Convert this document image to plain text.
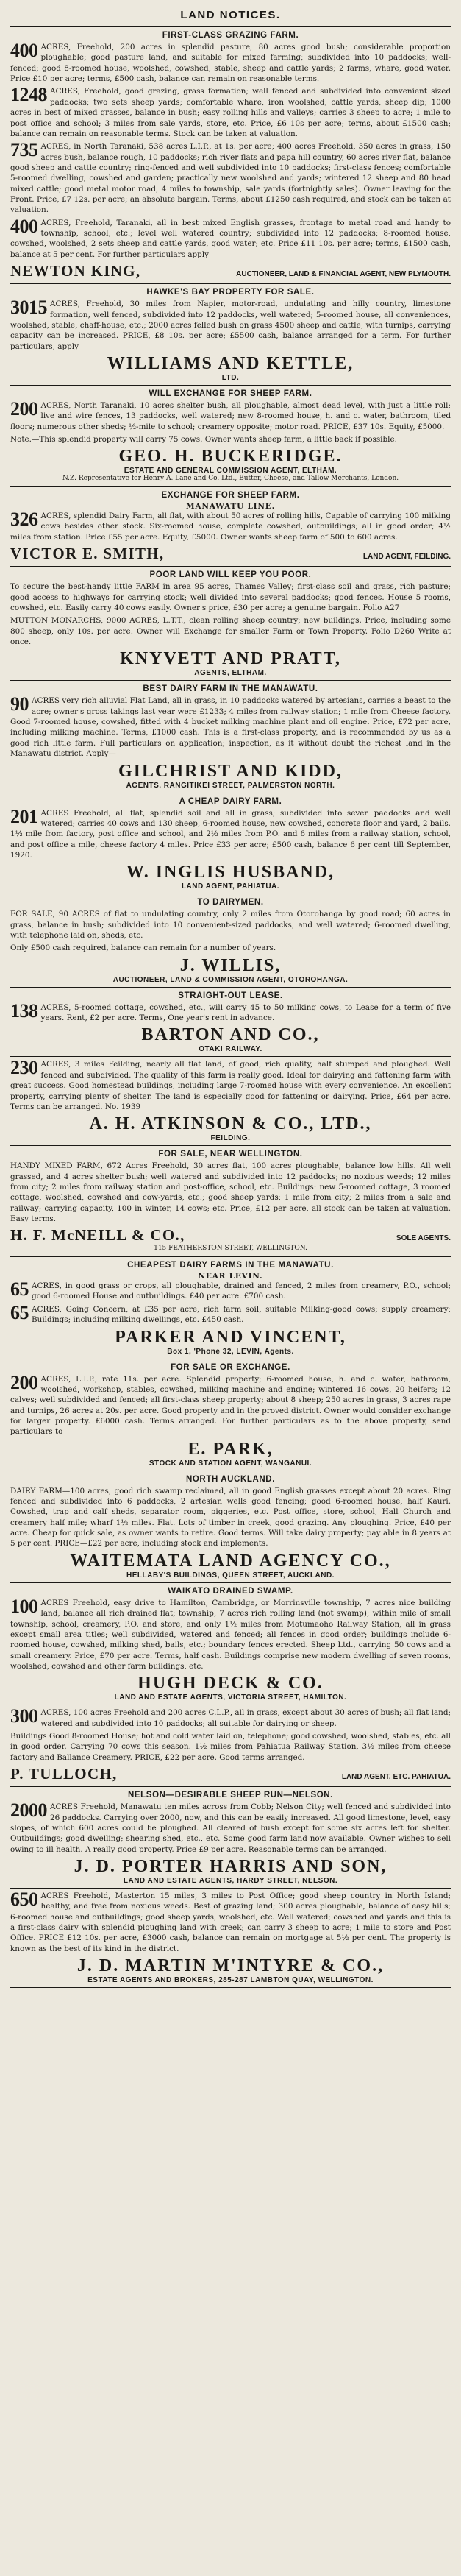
LAND NOTICES.
FIRST-CLASS GRAZING FARM.

400 ACRES, Freehold, 200 acres in splendid pasture, 80 acres good bush; considerable proportion ploughable; good pasture land, and suitable for mixed farming; subdivided into 10 paddocks; well-fenced; good 8-roomed house, woolshed, cowshed, stable, sheep and cattle yards; 2 farms, whare, good water. Price £10 per acre; terms, £500 cash, balance can remain on reasonable terms.

1248 ACRES, Freehold, good grazing, grass formation; well fenced and subdivided into convenient sized paddocks; two sets sheep yards; comfortable whare, iron woolshed, cattle yards, sheep dip; 1000 acres in best of mixed grasses, balance in bush; easy rolling hills and valleys; carries 3 sheep to acre; 1 mile to post office and school; 3 miles from sale yards, store, etc. Price, £6 10s per acre; terms, about £1500 cash; balance can remain on reasonable terms. Stock can be taken at valuation.

735 ACRES, in North Taranaki, 538 acres L.I.P., at 1s. per acre; 400 acres Freehold, 350 acres in grass, 150 acres bush, balance rough, 10 paddocks; rich river flats and papa hill country, 60 acres river flat, balance good sheep and cattle country; ring-fenced and well subdivided into 10 paddocks; first-class fences; comfortable 5-roomed dwelling, cowshed and garden; practically new woolshed and yards; wintered 12 sheep and 80 head mixed cattle; good metal motor road, 4 miles to township, sale yards (fortnightly sales). Owner leaving for the Front. Price, £7 12s. per acre; an absolute bargain. Terms, about £1250 cash required, and stock can be taken at valuation.

400 ACRES, Freehold, Taranaki, all in best mixed English grasses, frontage to metal road and handy to township, school, etc.; level well watered country; subdivided into 12 paddocks; 8-roomed house, cowshed, woolshed, 2 sets sheep and cattle yards, good water; etc. Price £11 10s. per acre; terms, £1500 cash, balance at 5 per cent. For further particulars apply

NEWTON KING,	AUCTIONEER, LAND & FINANCIAL AGENT, NEW PLYMOUTH.
HAWKE'S BAY PROPERTY FOR SALE.

3015 ACRES, Freehold, 30 miles from Napier, motor-road, undulating and hilly country, limestone formation, well fenced, subdivided into 12 paddocks, well watered; 5-roomed house, all conveniences, woolshed, stable, chaff-house, etc.; 2000 acres felled bush on grass 4500 sheep and cattle, with turnips, carrying capacity can be increased. PRICE, £8 10s. per acre; £5500 cash, balance arranged for a term. For further particulars, apply

WILLIAMS AND KETTLE,
LTD.
WILL EXCHANGE FOR SHEEP FARM.

200 ACRES, North Taranaki, 10 acres shelter bush, all ploughable, almost dead level, with just a little roll; live and wire fences, 13 paddocks, well watered; new 8-roomed house, h. and c. water, bathroom, tiled floors; numerous other sheds; ½-mile to school; creamery opposite; motor road. PRICE, £37 10s. Equity, £5000.

Note.—This splendid property will carry 75 cows. Owner wants sheep farm, a little back if possible.

GEO. H. BUCKERIDGE.
ESTATE AND GENERAL COMMISSION AGENT, ELTHAM.
N.Z. Representative for Henry A. Lane and Co. Ltd., Butter, Cheese, and Tallow Merchants, London.
EXCHANGE FOR SHEEP FARM.
MANAWATU LINE.

326 ACRES, splendid Dairy Farm, all flat, with about 50 acres of rolling hills, Capable of carrying 100 milking cows besides other stock. Six-roomed house, complete cowshed, outbuildings; all in good order; 4½ miles from station. Price £55 per acre. Equity, £5000. Owner wants sheep farm of 500 to 600 acres.

VICTOR E. SMITH,	LAND AGENT, FEILDING.
POOR LAND WILL KEEP YOU POOR.

To secure the best-handy little FARM in area 95 acres, Thames Valley; first-class soil and grass, rich pasture; good access to highways for carrying stock; well divided into several paddocks; good fences. House 5 rooms, cowshed, etc. Easily carry 40 cows easily. Owner's price, £30 per acre; a genuine bargain. Folio A27

MUTTON MONARCHS, 9000 ACRES, L.T.T., clean rolling sheep country; new buildings. Price, including some 800 sheep, only 10s. per acre. Owner will Exchange for smaller Farm or Town Property. Folio D260 Write at once.

KNYVETT AND PRATT,
AGENTS, ELTHAM.
BEST DAIRY FARM IN THE MANAWATU.

90 ACRES very rich alluvial Flat Land, all in grass, in 10 paddocks watered by artesians, carries a beast to the acre; owner's gross takings last year were £1233; 4 miles from railway station; 1 mile from Cheese factory. Good 7-roomed house, cowshed, fitted with 4 bucket milking machine plant and oil engine. Price, £72 per acre, including milking machine. Terms, £1000 cash. This is a first-class property, and is recommended by us as a good rich little farm. Full particulars on application; inspection, as it without doubt the richest land in the Manawatu district. Apply—

GILCHRIST AND KIDD,
AGENTS, RANGITIKEI STREET, PALMERSTON NORTH.
A CHEAP DAIRY FARM.

201 ACRES Freehold, all flat, splendid soil and all in grass; subdivided into seven paddocks and well watered; carries 40 cows and 130 sheep, 6-roomed house, new cowshed, concrete floor and yard, 2 bails. 1½ mile from factory, post office and school, and 2½ miles from P.O. and 6 miles from a railway station, school, and post office a mile, cheese factory 4 miles. Price £33 per acre; £500 cash, balance 6 per cent till September, 1920.

W. INGLIS HUSBAND,
LAND AGENT, PAHIATUA.
TO DAIRYMEN.

FOR SALE, 90 ACRES of flat to undulating country, only 2 miles from Otorohanga by good road; 60 acres in grass, balance in bush; subdivided into 10 convenient-sized paddocks, and well watered; 6-roomed dwelling, with telephone laid on, sheds, etc.

Only £500 cash required, balance can remain for a number of years.

J. WILLIS,
AUCTIONEER, LAND & COMMISSION AGENT, OTOROHANGA.
STRAIGHT-OUT LEASE.

138 ACRES, 5-roomed cottage, cowshed, etc., will carry 45 to 50 milking cows, to Lease for a term of five years. Rent, £2 per acre. Terms, One year's rent in advance.

BARTON AND CO.,
OTAKI RAILWAY.

230 ACRES, 3 miles Feilding, nearly all flat land, of good, rich quality, half stumped and ploughed. Well fenced and subdivided. The quality of this farm is really good. Ideal for dairying and fattening farm with great success. Good homestead buildings, including large 7-roomed house with every convenience. An excellent property, carrying plenty of shelter. The land is especially good for fattening or dairying. Price, £64 per acre. Terms can be arranged. No. 1939

A. H. ATKINSON & CO., LTD.,
FEILDING.
FOR SALE, NEAR WELLINGTON.

HANDY MIXED FARM, 672 Acres Freehold, 30 acres flat, 100 acres ploughable, balance low hills. All well grassed, and 4 acres shelter bush; well watered and subdivided into 12 paddocks; no noxious weeds; 12 miles from city; 2 miles from railway station and post-office, school, etc. Buildings: new 5-roomed cottage, 3 roomed cottage, woolshed, cowshed and cow-yards, etc.; good sheep yards; 1 mile from city; 2 miles from a sale and railway; carrying capacity, 100 in winter, 14 cows; etc. Price, £12 per acre, all stock can be taken at valuation. Easy terms.

H. F. McNEILL & CO.,	SOLE AGENTS.
115 FEATHERSTON STREET, WELLINGTON.
CHEAPEST DAIRY FARMS IN THE MANAWATU.
NEAR LEVIN.

65 ACRES, in good grass or crops, all ploughable, drained and fenced, 2 miles from creamery, P.O., school; good 6-roomed House and outbuildings. £40 per acre. £700 cash.

65 ACRES, Going Concern, at £35 per acre, rich farm soil, suitable Milking-good cows; supply creamery; Buildings; including milking dwellings, etc. £450 cash.

PARKER AND VINCENT,
Box 1, 'Phone 32, LEVIN, Agents.
FOR SALE OR EXCHANGE.

200 ACRES, L.I.P., rate 11s. per acre. Splendid property; 6-roomed house, h. and c. water, bathroom, woolshed, workshop, stables, cowshed, milking machine and engine; wintered 16 cows, 20 heifers; 12 calves; well subdivided and fenced; all first-class sheep property; about 8 sheep; 250 acres in grass, 3 acres rape and turnips, 26 acres at 20s. per acre. Good property and in the proved district. Owner would consider exchange for larger property. £6000 cash. Terms arranged. For further particulars as to the above property, send particulars to

E. PARK,
STOCK AND STATION AGENT, WANGANUI.
NORTH AUCKLAND.

DAIRY FARM—100 acres, good rich swamp reclaimed, all in good English grasses except about 20 acres. Ring fenced and subdivided into 6 paddocks, 2 artesian wells good fencing; good 6-roomed house, half Kauri. Cowshed, trap and calf sheds, separator room, piggeries, etc. Post office, store, school, Hall Church and creamery half mile; wharf 1½ miles. Flat. Lots of timber in creek, good grazing. Any ploughing. Price, £40 per acre. Cheap for quick sale, as owner wants to retire. Good terms. Will take dairy property; pay able in 8 years at 5 per cent. PRICE—£22 per acre, including stock and implements.

WAITEMATA LAND AGENCY CO.,
HELLABY'S BUILDINGS, QUEEN STREET, AUCKLAND.
WAIKATO DRAINED SWAMP.

100 ACRES Freehold, easy drive to Hamilton, Cambridge, or Morrinsville township, 7 acres nice building land, balance all rich drained flat; township, 7 acres rich rolling land (not swamp); within mile of small township, school, creamery, P.O. and store, and only 1½ miles from Motumaoho Railway Station, all in grass except small area titles; well subdivided, watered and fenced; all fences in good order; buildings include 6-roomed house, cowshed, milking shed, bails, etc.; boundary fences erected. Sheep Ltd., carrying 50 cows and a small creamery. Price, £70 per acre. Terms, half cash. Buildings comprise new modern dwelling of seven rooms, woolshed, cowshed and other farm buildings, etc.

HUGH DECK & CO.
LAND AND ESTATE AGENTS, VICTORIA STREET, HAMILTON.

300 ACRES, 100 acres Freehold and 200 acres C.L.P., all in grass, except about 30 acres of bush; all flat land; watered and subdivided into 10 paddocks; all suitable for dairying or sheep.

Buildings Good 8-roomed House; hot and cold water laid on, telephone; good cowshed, woolshed, stables, etc. all in good order. Carrying 70 cows this season. 1½ miles from Pahiatua Railway Station, 3½ miles from cheese factory and Ballance Creamery. PRICE, £22 per acre. Good terms arranged.

P. TULLOCH,	LAND AGENT, ETC. PAHIATUA.
NELSON—DESIRABLE SHEEP RUN—NELSON.

2000 ACRES Freehold, Manawatu ten miles across from Cobb; Nelson City; well fenced and subdivided into 26 paddocks. Carrying over 2000, now, and this can be easily increased. All good limestone, level, easy slopes, of which 600 acres could be ploughed. All cleared of bush except for some six acres left for shelter. Outbuildings; good dwelling; shearing shed, etc., etc. Some good farm land now available. Owner wishes to sell owing to ill health. A really good property. Price £9 per acre. Reasonable terms can be arranged.

J. D. PORTER HARRIS AND SON,
LAND AND ESTATE AGENTS, HARDY STREET, NELSON.

650 ACRES Freehold, Masterton 15 miles, 3 miles to Post Office; good sheep country in North Island; healthy, and free from noxious weeds. Best of grazing land; 300 acres ploughable, balance of easy hills; 6-roomed house and outbuildings; good sheep yards, woolshed, etc. Well watered; cowshed and yards and this is a first-class dairy with splendid ploughing land with creek; can carry 3 sheep to acre; 1 mile to store and Post Office. PRICE £12 10s. per acre, £3000 cash, balance can remain on mortgage at 5½ per cent. The property is known as the best of its kind in the district.

J. D. MARTIN M'INTYRE & CO.,
ESTATE AGENTS AND BROKERS, 285-287 LAMBTON QUAY, WELLINGTON.
